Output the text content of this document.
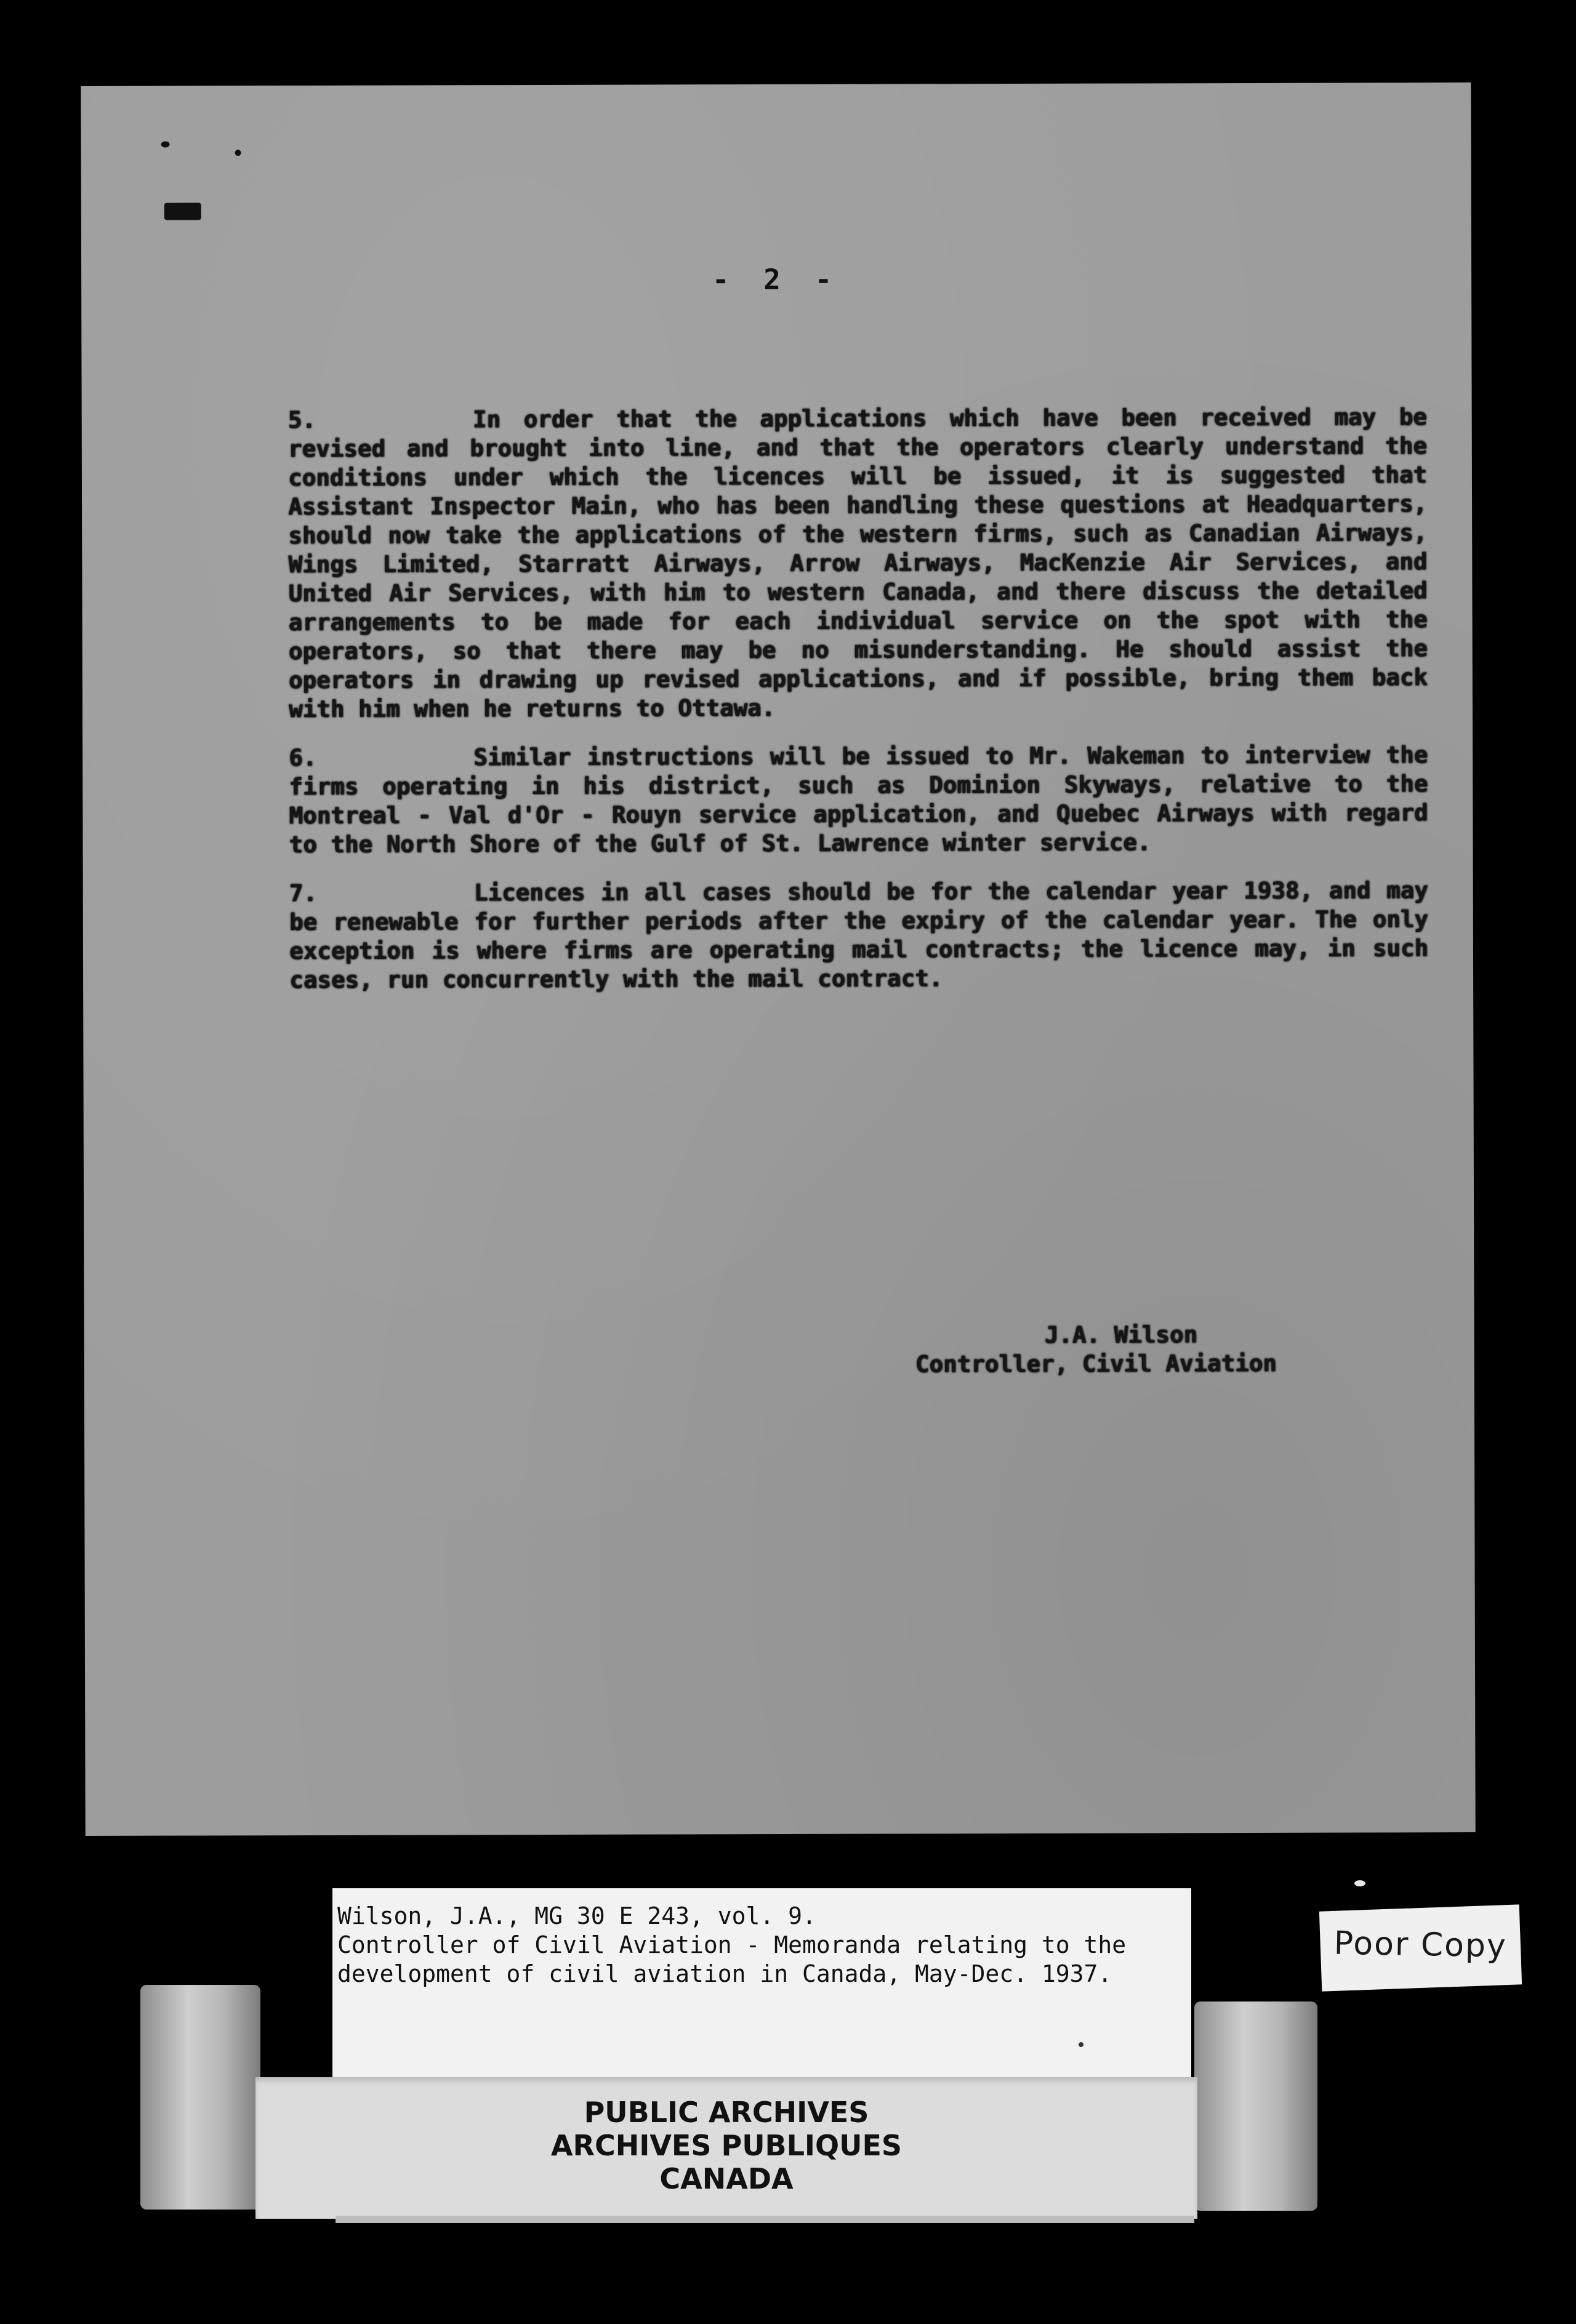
- 2 -

5.	In order that the applications which have been received may be revised and brought into line, and that the operators clearly understand the conditions under which the licences will be issued, it is suggested that Assistant Inspector Main, who has been handling these questions at Headquarters, should now take the applications of the western firms, such as Canadian Airways, Wings Limited, Starratt Airways, Arrow Airways, MacKenzie Air Services, and United Air Services, with him to western Canada, and there discuss the detailed arrangements to be made for each individual service on the spot with the operators, so that there may be no misunderstanding. He should assist the operators in drawing up revised applications, and if possible, bring them back with him when he returns to Ottawa.

6.	Similar instructions will be issued to Mr. Wakeman to interview the firms operating in his district, such as Dominion Skyways, relative to the Montreal - Val d'Or - Rouyn service application, and Quebec Airways with regard to the North Shore of the Gulf of St. Lawrence winter service.

7.	Licences in all cases should be for the calendar year 1938, and may be renewable for further periods after the expiry of the calendar year. The only exception is where firms are operating mail contracts; the licence may, in such cases, run concurrently with the mail contract.

J.A. Wilson
Controller, Civil Aviation
Wilson, J.A., MG 30 E 243, vol. 9.
Controller of Civil Aviation - Memoranda relating to the
development of civil aviation in Canada, May-Dec. 1937.
PUBLIC ARCHIVES
ARCHIVES PUBLIQUES
CANADA
Poor Copy
